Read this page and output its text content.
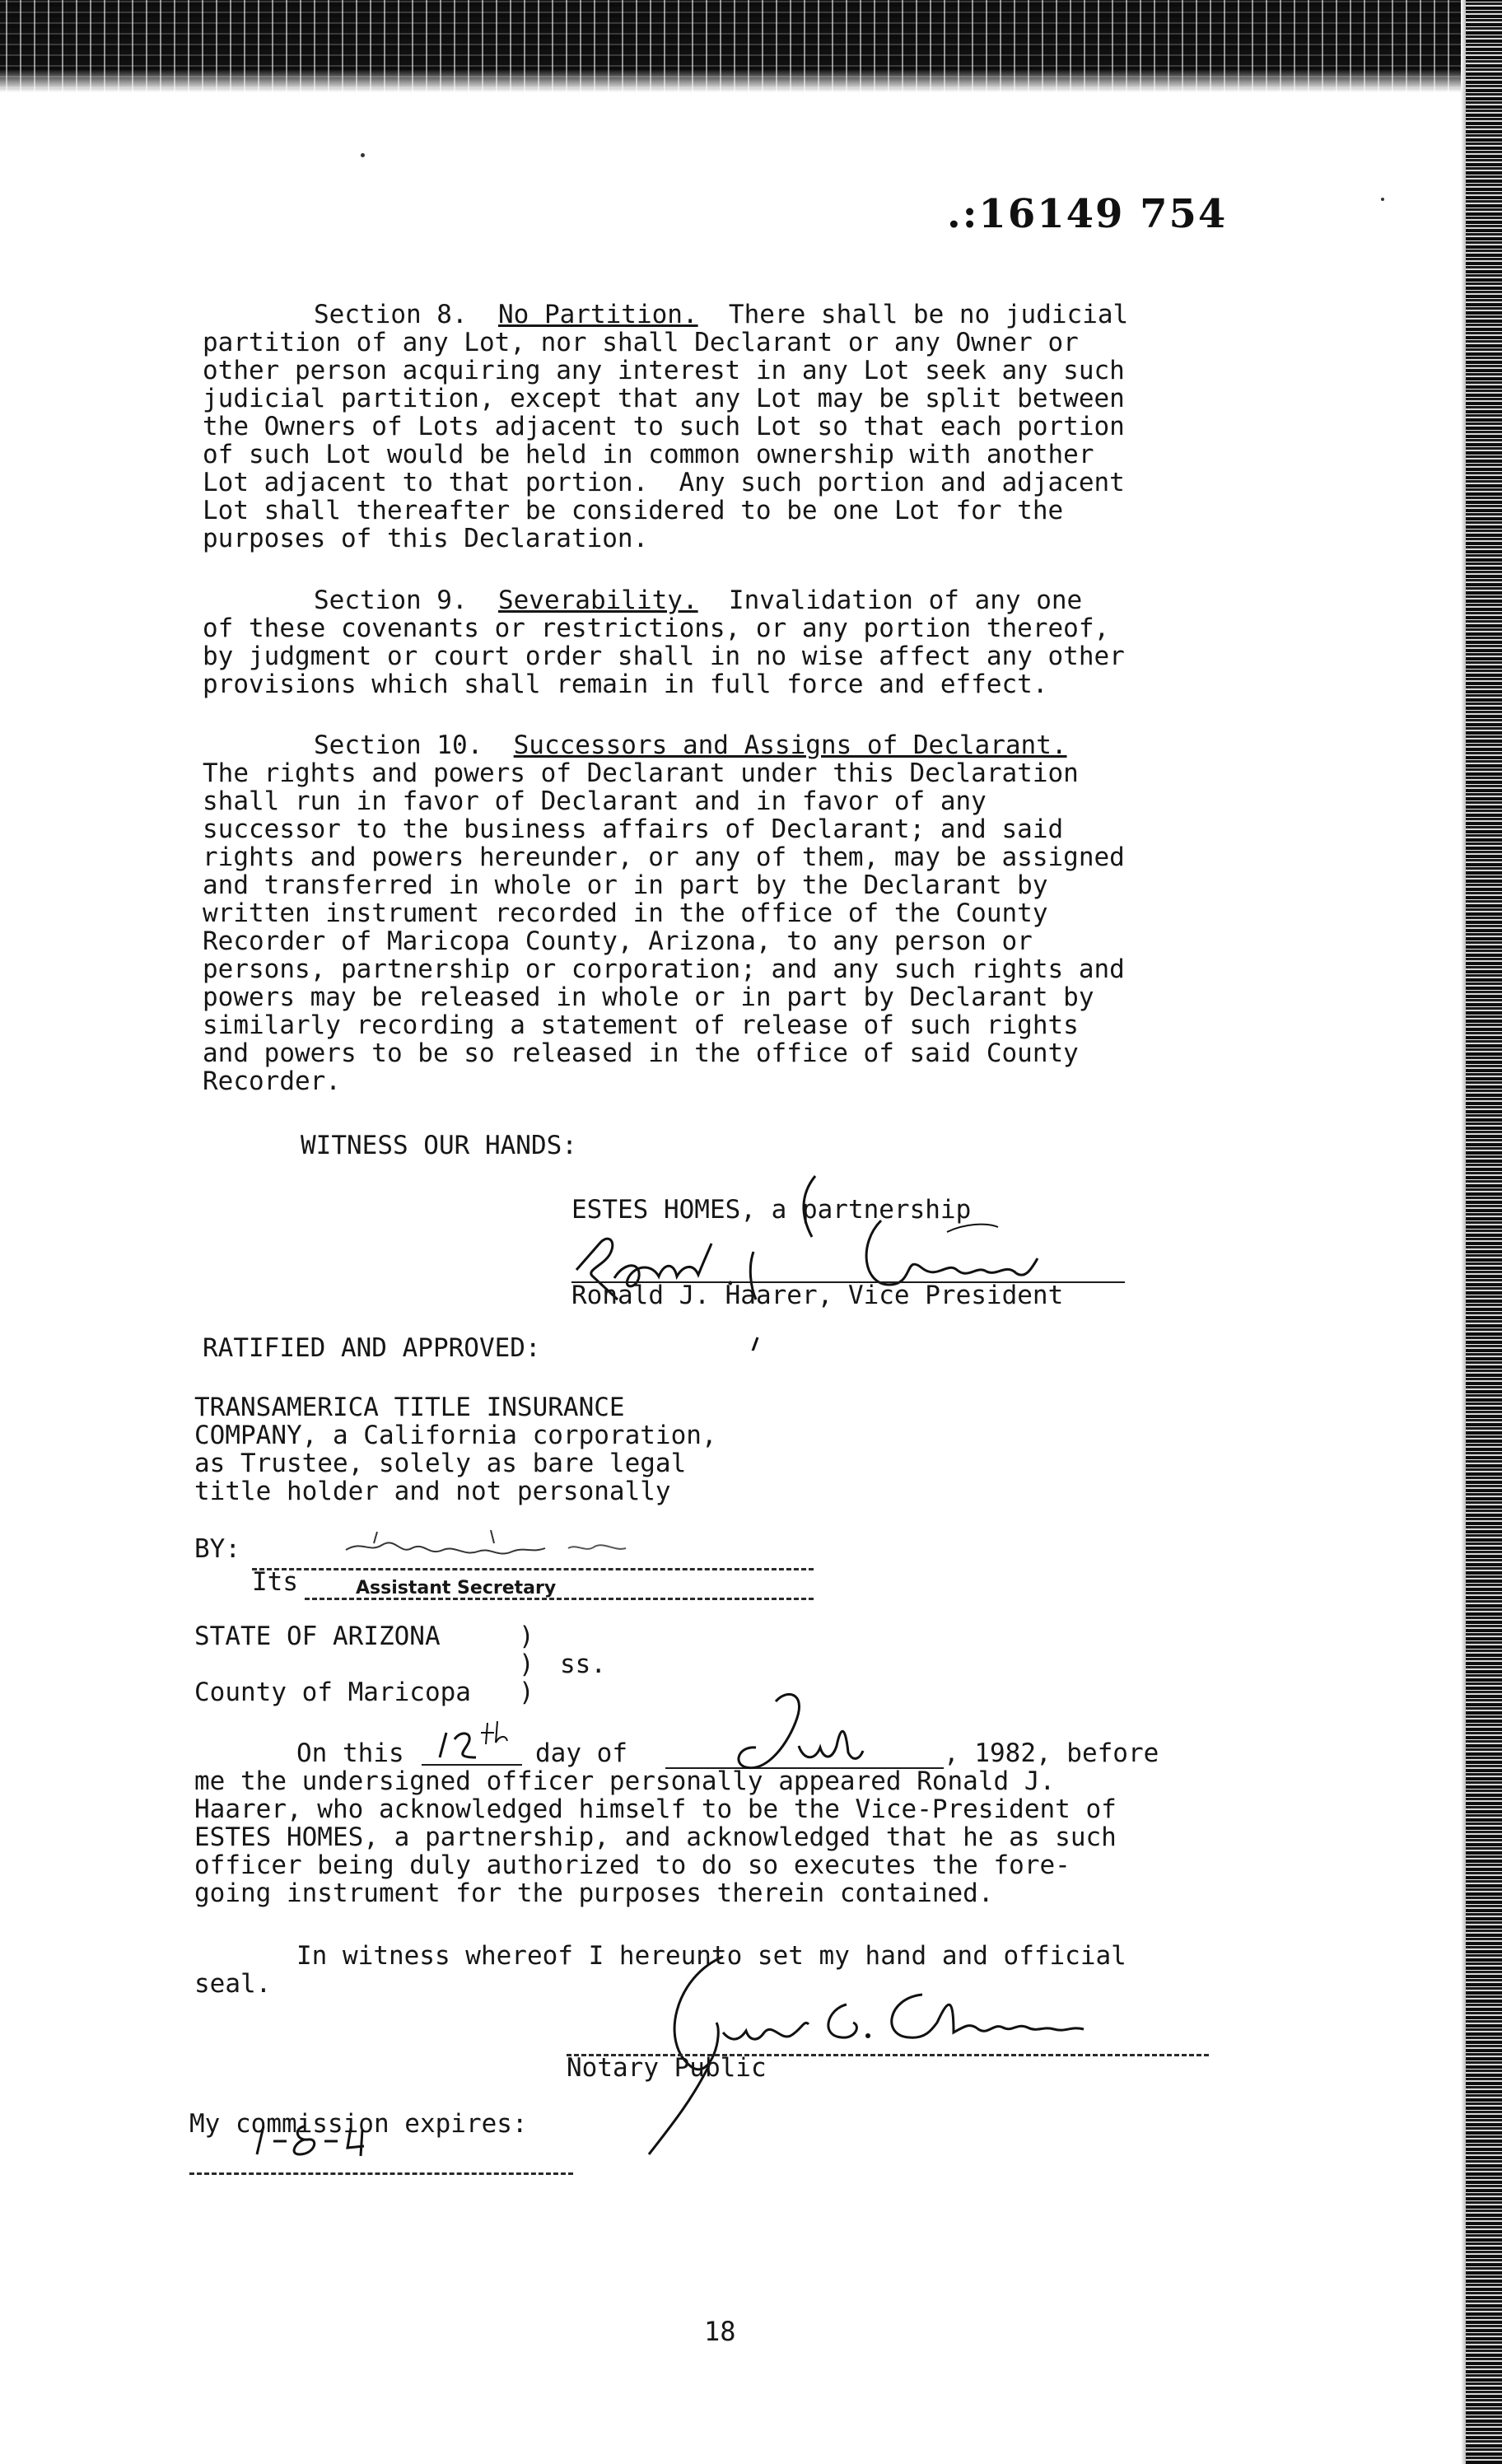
.:16149 754

Section 8.  No Partition.  There shall be no judicial
partition of any Lot, nor shall Declarant or any Owner or
other person acquiring any interest in any Lot seek any such
judicial partition, except that any Lot may be split between
the Owners of Lots adjacent to such Lot so that each portion
of such Lot would be held in common ownership with another
Lot adjacent to that portion.  Any such portion and adjacent
Lot shall thereafter be considered to be one Lot for the
purposes of this Declaration.

Section 9.  Severability.  Invalidation of any one
of these covenants or restrictions, or any portion thereof,
by judgment or court order shall in no wise affect any other
provisions which shall remain in full force and effect.

Section 10.  Successors and Assigns of Declarant.
The rights and powers of Declarant under this Declaration
shall run in favor of Declarant and in favor of any
successor to the business affairs of Declarant; and said
rights and powers hereunder, or any of them, may be assigned
and transferred in whole or in part by the Declarant by
written instrument recorded in the office of the County
Recorder of Maricopa County, Arizona, to any person or
persons, partnership or corporation; and any such rights and
powers may be released in whole or in part by Declarant by
similarly recording a statement of release of such rights
and powers to be so released in the office of said County
Recorder.

WITNESS OUR HANDS:
ESTES HOMES, a partnership
Ronald J. Haarer, Vice President
RATIFIED AND APPROVED:
TRANSAMERICA TITLE INSURANCE
COMPANY, a California corporation,
as Trustee, solely as bare legal
title holder and not personally
BY:
Its	Assistant Secretary
STATE OF ARIZONA	)
) ss.
County of Maricopa )
On this	day of	, 1982, before
me the undersigned officer personally appeared Ronald J.
Haarer, who acknowledged himself to be the Vice-President of
ESTES HOMES, a partnership, and acknowledged that he as such
officer being duly authorized to do so executes the fore-
going instrument for the purposes therein contained.
In witness whereof I hereunto set my hand and official
seal.
Notary Public
My commission expires:
18
